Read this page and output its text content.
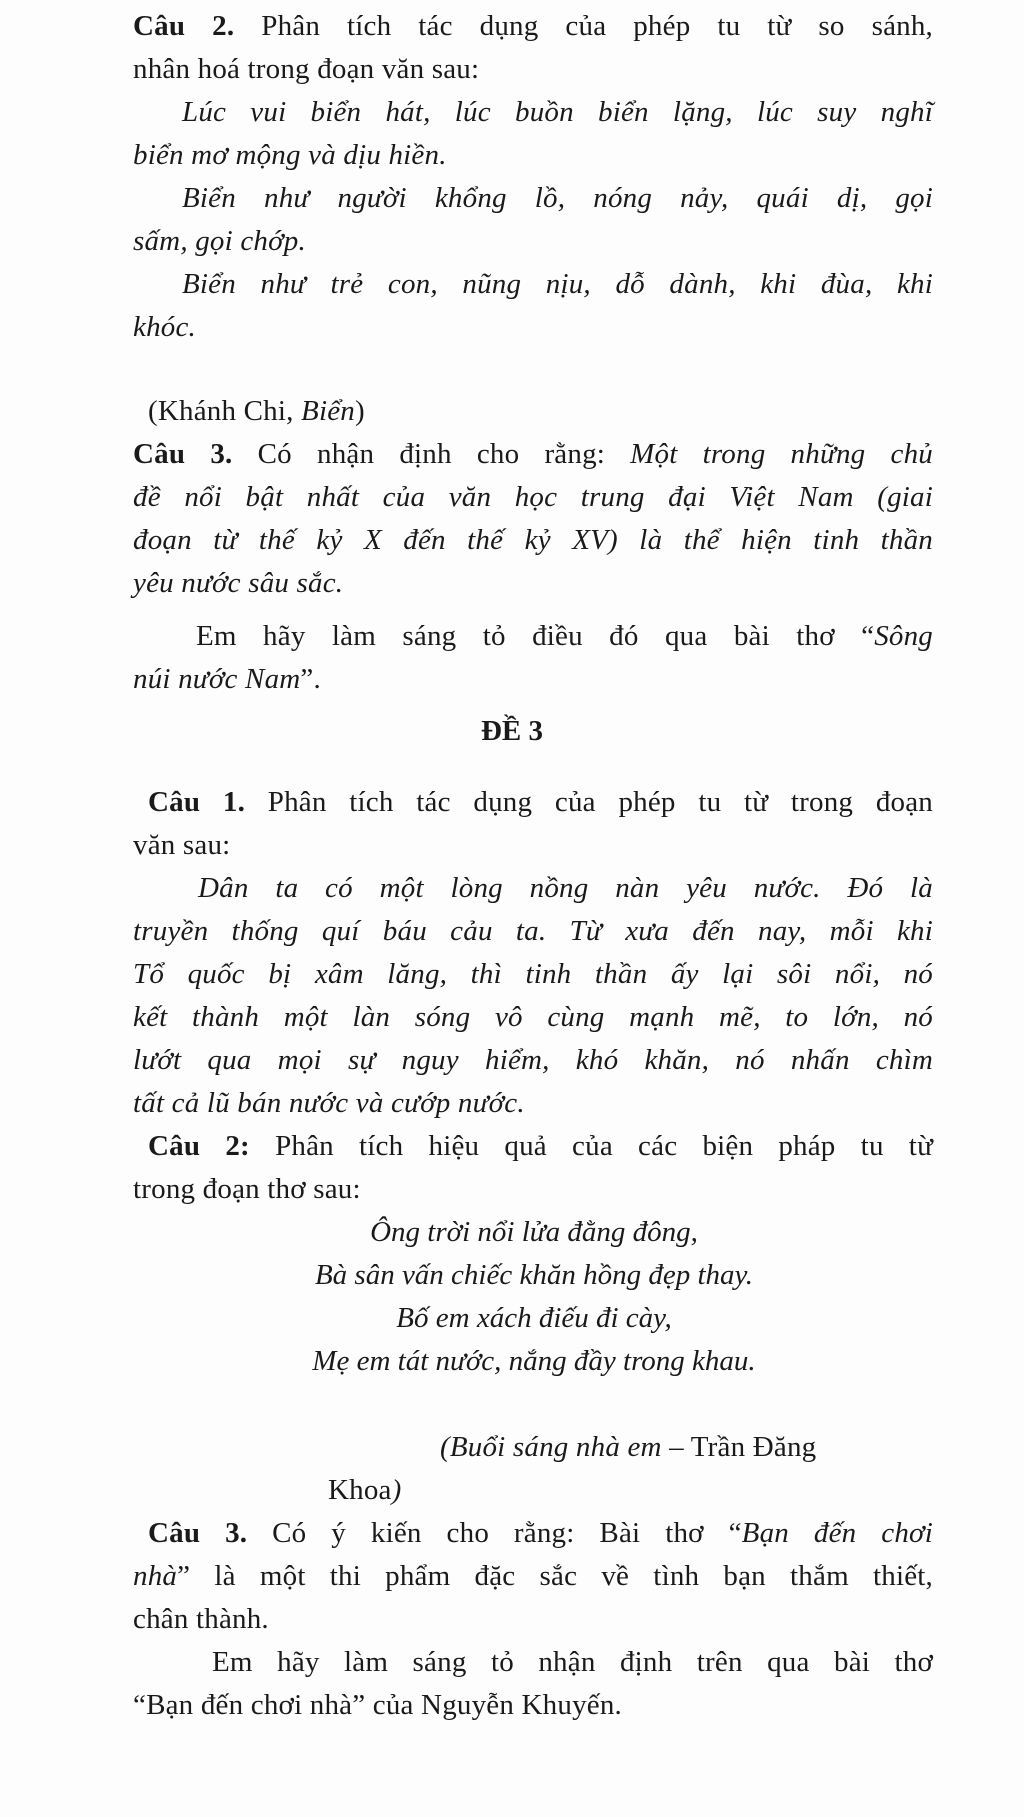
Câu 2. Phân tích tác dụng của phép tu từ so sánh,
nhân hoá trong đoạn văn sau:
Lúc vui biển hát, lúc buồn biển lặng, lúc suy nghĩ
biển mơ mộng và dịu hiền.
Biển như người khổng lồ, nóng nảy, quái dị, gọi
sấm, gọi chớp.
Biển như trẻ con, nũng nịu, dỗ dành, khi đùa, khi
khóc.
(Khánh Chi, Biển)
Câu 3. Có nhận định cho rằng: Một trong những chủ
đề nổi bật nhất của văn học trung đại Việt Nam (giai
đoạn từ thế kỷ X đến thế kỷ XV) là thể hiện tinh thần
yêu nước sâu sắc.
Em hãy làm sáng tỏ điều đó qua bài thơ “Sông
núi nước Nam”.
ĐỀ 3
Câu 1. Phân tích tác dụng của phép tu từ trong đoạn
văn sau:
Dân ta có một lòng nồng nàn yêu nước. Đó là
truyền thống quí báu cảu ta. Từ xưa đến nay, mỗi khi
Tổ quốc bị xâm lăng, thì tinh thần ấy lại sôi nổi, nó
kết thành một làn sóng vô cùng mạnh mẽ, to lớn, nó
lướt qua mọi sự nguy hiểm, khó khăn, nó nhấn chìm
tất cả lũ bán nước và cướp nước.
Câu 2: Phân tích hiệu quả của các biện pháp tu từ
trong đoạn thơ sau:
Ông trời nổi lửa đằng đông,
Bà sân vấn chiếc khăn hồng đẹp thay.
Bố em xách điếu đi cày,
Mẹ em tát nước, nắng đầy trong khau.
(Buổi sáng nhà em – Trần Đăng
Khoa)
Câu 3. Có ý kiến cho rằng: Bài thơ “Bạn đến chơi
nhà” là một thi phẩm đặc sắc về tình bạn thắm thiết,
chân thành.
Em hãy làm sáng tỏ nhận định trên qua bài thơ
“Bạn đến chơi nhà” của Nguyễn Khuyến.
